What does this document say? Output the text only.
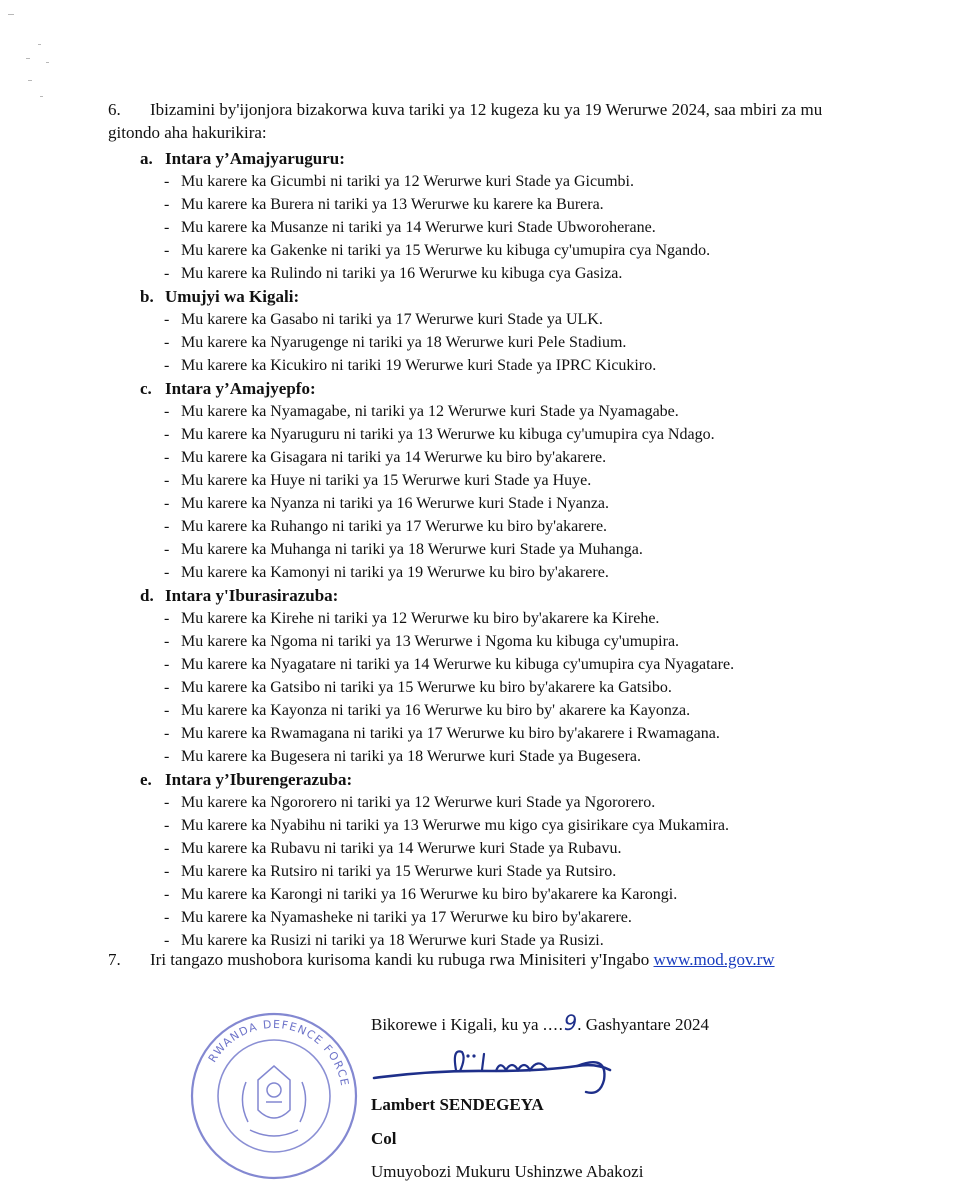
6. Ibizamini by'ijonjora bizakorwa kuva tariki ya 12 kugeza ku ya 19 Werurwe 2024, saa mbiri za mu gitondo aha hakurikira:
a. Intara y’Amajyaruguru:
- Mu karere ka Gicumbi ni tariki ya 12 Werurwe kuri Stade ya Gicumbi.
- Mu karere ka Burera ni tariki ya 13 Werurwe ku karere ka Burera.
- Mu karere ka Musanze ni tariki ya 14 Werurwe kuri Stade Ubworoherane.
- Mu karere ka Gakenke ni tariki ya 15 Werurwe ku kibuga cy'umupira cya Ngando.
- Mu karere ka Rulindo ni tariki ya 16 Werurwe ku kibuga cya Gasiza.
b. Umujyi wa Kigali:
- Mu karere ka Gasabo ni tariki ya 17 Werurwe kuri Stade ya ULK.
- Mu karere ka Nyarugenge ni tariki ya 18 Werurwe kuri Pele Stadium.
- Mu karere ka Kicukiro ni tariki 19 Werurwe kuri Stade ya IPRC Kicukiro.
c. Intara y’Amajyepfo:
- Mu karere ka Nyamagabe, ni tariki ya 12 Werurwe kuri Stade ya Nyamagabe.
- Mu karere ka Nyaruguru ni tariki ya 13 Werurwe ku kibuga cy'umupira cya Ndago.
- Mu karere ka Gisagara ni tariki ya 14 Werurwe ku biro by'akarere.
- Mu karere ka Huye ni tariki ya 15 Werurwe kuri Stade ya Huye.
- Mu karere ka Nyanza ni tariki ya 16 Werurwe kuri Stade i Nyanza.
- Mu karere ka Ruhango ni tariki ya 17 Werurwe ku biro by'akarere.
- Mu karere ka Muhanga ni tariki ya 18 Werurwe kuri Stade ya Muhanga.
- Mu karere ka Kamonyi ni tariki ya 19 Werurwe ku biro by'akarere.
d. Intara y'Iburasirazuba:
- Mu karere ka Kirehe ni tariki ya 12 Werurwe ku biro by'akarere ka Kirehe.
- Mu karere ka Ngoma ni tariki ya 13 Werurwe i Ngoma ku kibuga cy'umupira.
- Mu karere ka Nyagatare ni tariki ya 14 Werurwe ku kibuga cy'umupira cya Nyagatare.
- Mu karere ka Gatsibo ni tariki ya 15 Werurwe ku biro by'akarere ka Gatsibo.
- Mu karere ka Kayonza ni tariki ya 16 Werurwe ku biro by' akarere ka Kayonza.
- Mu karere ka Rwamagana ni tariki ya 17 Werurwe ku biro by'akarere i Rwamagana.
- Mu karere ka Bugesera ni tariki ya 18 Werurwe kuri Stade ya Bugesera.
e. Intara y’Iburengerazuba:
- Mu karere ka Ngororero ni tariki ya 12 Werurwe kuri Stade ya Ngororero.
- Mu karere ka Nyabihu ni tariki ya 13 Werurwe mu kigo cya gisirikare cya Mukamira.
- Mu karere ka Rubavu ni tariki ya 14 Werurwe kuri Stade ya Rubavu.
- Mu karere ka Rutsiro ni tariki ya 15 Werurwe kuri Stade ya Rutsiro.
- Mu karere ka Karongi ni tariki ya 16 Werurwe ku biro by'akarere ka Karongi.
- Mu karere ka Nyamasheke ni tariki ya 17 Werurwe ku biro by'akarere.
- Mu karere ka Rusizi ni tariki ya 18 Werurwe kuri Stade ya Rusizi.
7. Iri tangazo mushobora kurisoma kandi ku rubuga rwa Minisiteri y'Ingabo www.mod.gov.rw
RWANDA DEFENCE FORCE
Bikorewe i Kigali, ku ya ....9. Gashyantare 2024
Lambert SENDEGEYA
Col
Umuyobozi Mukuru Ushinzwe Abakozi
